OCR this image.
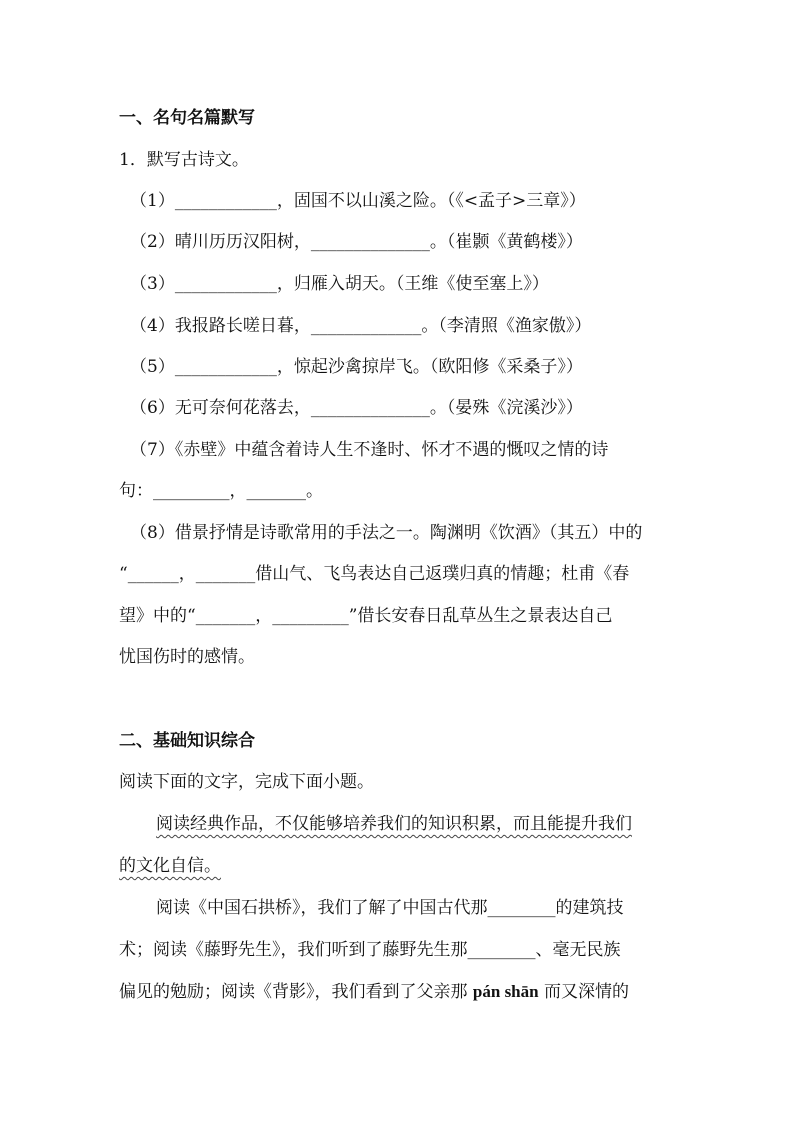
一、名句名篇默写
1．默写古诗文。
（1）____________，固国不以山溪之险。（《<孟子>三章》）
（2）晴川历历汉阳树，______________。（崔颢《黄鹤楼》）
（3）____________，归雁入胡天。（王维《使至塞上》）
（4）我报路长嗟日暮，_____________。（李清照《渔家傲》）
（5）____________，惊起沙禽掠岸飞。（欧阳修《采桑子》）
（6）无可奈何花落去，______________。（晏殊《浣溪沙》）
（7）《赤壁》中蕴含着诗人生不逢时、怀才不遇的慨叹之情的诗
句：_________，_______。
（8）借景抒情是诗歌常用的手法之一。陶渊明《饮酒》（其五）中的
“______，_______借山气、飞鸟表达自己返璞归真的情趣；杜甫《春
望》中的“_______，_________”借长安春日乱草丛生之景表达自己
忧国伤时的感情。
二、基础知识综合
阅读下面的文字，完成下面小题。
阅读经典作品，不仅能够培养我们的知识积累，而且能提升我们
的文化自信。
阅读《中国石拱桥》，我们了解了中国古代那________的建筑技
术；阅读《藤野先生》，我们听到了藤野先生那________、毫无民族
偏见的勉励；阅读《背影》，我们看到了父亲那 pán shān 而又深情的
